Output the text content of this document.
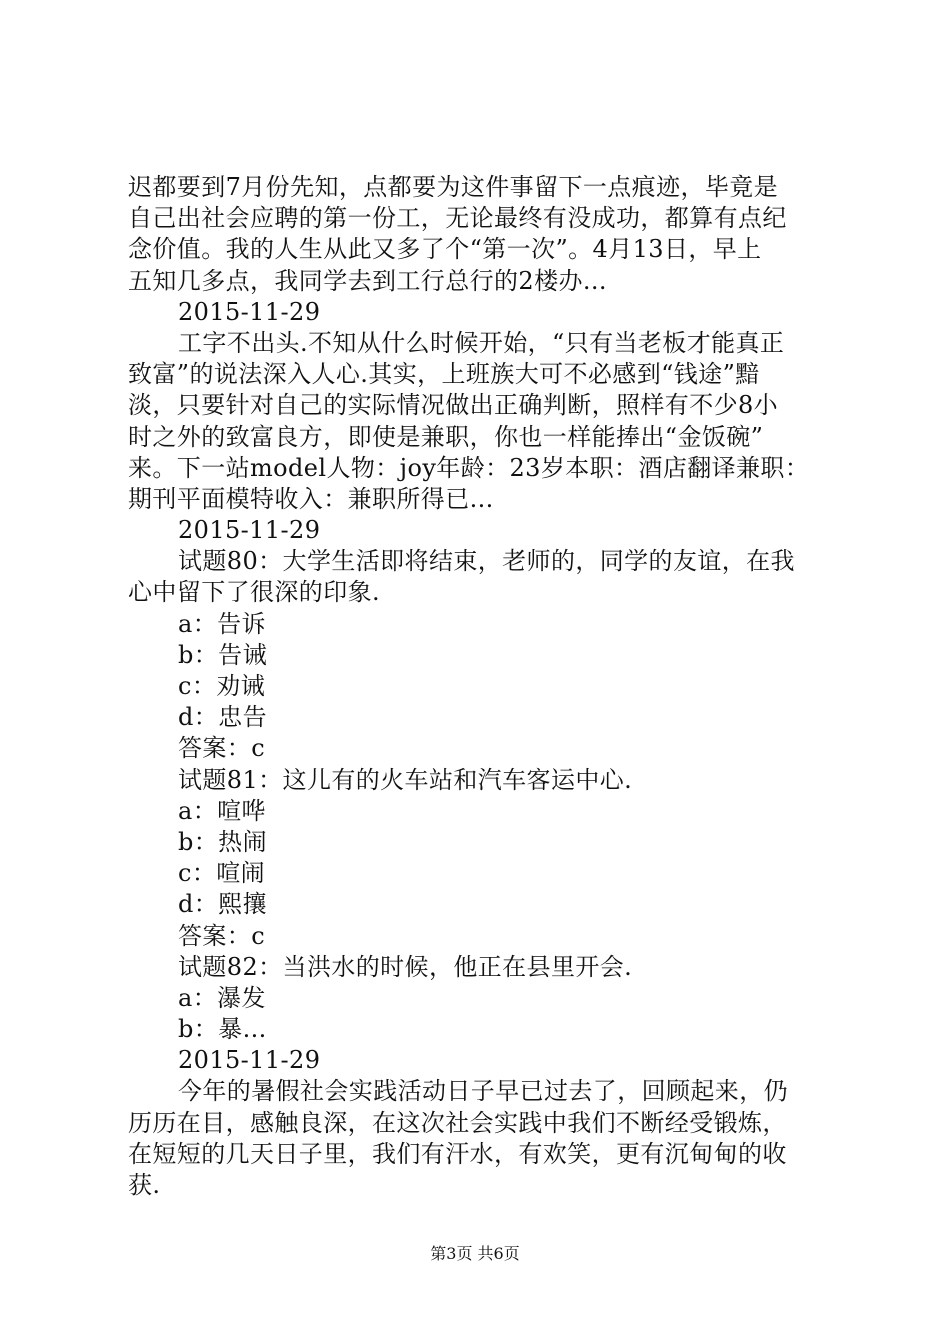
迟都要到7月份先知，点都要为这件事留下一点痕迹，毕竟是
自己出社会应聘的第一份工，无论最终有没成功，都算有点纪
念价值。我的人生从此又多了个“第一次”。4月13日，早上
五知几多点，我同学去到工行总行的2楼办...
2015-11-29
工字不出头.不知从什么时候开始，“只有当老板才能真正
致富”的说法深入人心.其实，上班族大可不必感到“钱途”黯
淡，只要针对自己的实际情况做出正确判断，照样有不少8小
时之外的致富良方，即使是兼职，你也一样能捧出“金饭碗”
来。下一站model人物：joy年龄：23岁本职：酒店翻译兼职：
期刊平面模特收入：兼职所得已...
2015-11-29
试题80：大学生活即将结束，老师的，同学的友谊，在我
心中留下了很深的印象.
a：告诉
b：告诫
c：劝诫
d：忠告
答案：c
试题81：这儿有的火车站和汽车客运中心.
a：喧哗
b：热闹
c：喧闹
d：熙攘
答案：c
试题82：当洪水的时候，他正在县里开会.
a：瀑发
b：暴...
2015-11-29
今年的暑假社会实践活动日子早已过去了，回顾起来，仍
历历在目，感触良深，在这次社会实践中我们不断经受锻炼，
在短短的几天日子里，我们有汗水，有欢笑，更有沉甸甸的收
获.
第3页 共6页
